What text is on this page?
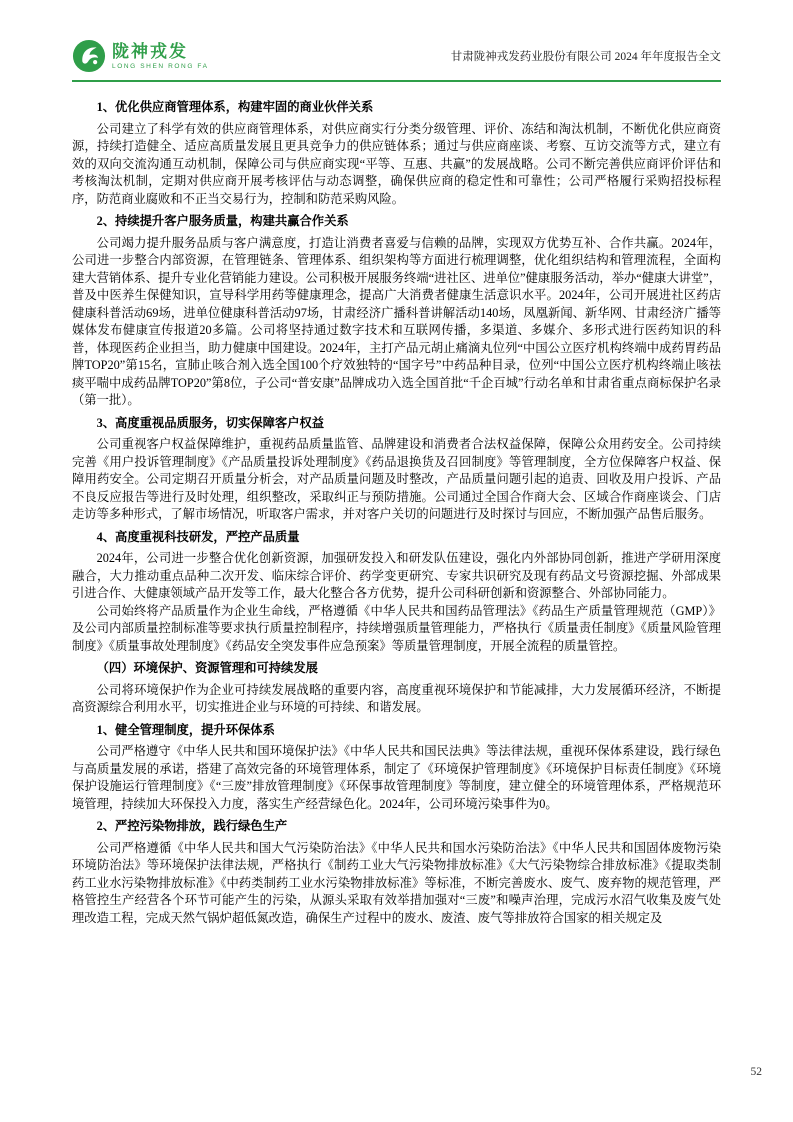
陇神戎发
LONG SHEN RONG FA
甘肃陇神戎发药业股份有限公司 2024 年年度报告全文
1、优化供应商管理体系，构建牢固的商业伙伴关系

公司建立了科学有效的供应商管理体系，对供应商实行分类分级管理、评价、冻结和淘汰机制，不断优化供应商资源，持续打造健全、适应高质量发展且更具竞争力的供应链体系；通过与供应商座谈、考察、互访交流等方式，建立有效的双向交流沟通互动机制，保障公司与供应商实现“平等、互惠、共赢”的发展战略。公司不断完善供应商评价评估和考核淘汰机制，定期对供应商开展考核评估与动态调整，确保供应商的稳定性和可靠性；公司严格履行采购招投标程序，防范商业腐败和不正当交易行为，控制和防范采购风险。

2、持续提升客户服务质量，构建共赢合作关系

公司竭力提升服务品质与客户满意度，打造让消费者喜爱与信赖的品牌，实现双方优势互补、合作共赢。2024年，公司进一步整合内部资源，在管理链条、管理体系、组织架构等方面进行梳理调整，优化组织结构和管理流程，全面构建大营销体系、提升专业化营销能力建设。公司积极开展服务终端“进社区、进单位”健康服务活动，举办“健康大讲堂”，普及中医养生保健知识，宣导科学用药等健康理念，提高广大消费者健康生活意识水平。2024年，公司开展进社区药店健康科普活动69场，进单位健康科普活动97场，甘肃经济广播科普讲解活动140场，凤凰新闻、新华网、甘肃经济广播等媒体发布健康宣传报道20多篇。公司将坚持通过数字技术和互联网传播，多渠道、多媒介、多形式进行医药知识的科普，体现医药企业担当，助力健康中国建设。2024年，主打产品元胡止痛滴丸位列“中国公立医疗机构终端中成药胃药品牌TOP20”第15名，宣肺止咳合剂入选全国100个疗效独特的“国字号”中药品种目录，位列“中国公立医疗机构终端止咳祛痰平喘中成药品牌TOP20”第8位，子公司“普安康”品牌成功入选全国首批“千企百城”行动名单和甘肃省重点商标保护名录（第一批）。

3、高度重视品质服务，切实保障客户权益

公司重视客户权益保障维护，重视药品质量监管、品牌建设和消费者合法权益保障，保障公众用药安全。公司持续完善《用户投诉管理制度》《产品质量投诉处理制度》《药品退换货及召回制度》等管理制度，全方位保障客户权益、保障用药安全。公司定期召开质量分析会，对产品质量问题及时整改，产品质量问题引起的追责、回收及用户投诉、产品不良反应报告等进行及时处理，组织整改，采取纠正与预防措施。公司通过全国合作商大会、区域合作商座谈会、门店走访等多种形式，了解市场情况，听取客户需求，并对客户关切的问题进行及时探讨与回应，不断加强产品售后服务。

4、高度重视科技研发，严控产品质量

2024年，公司进一步整合优化创新资源，加强研发投入和研发队伍建设，强化内外部协同创新，推进产学研用深度融合，大力推动重点品种二次开发、临床综合评价、药学变更研究、专家共识研究及现有药品文号资源挖掘、外部成果引进合作、大健康领域产品开发等工作，最大化整合各方优势，提升公司科研创新和资源整合、外部协同能力。

公司始终将产品质量作为企业生命线，严格遵循《中华人民共和国药品管理法》《药品生产质量管理规范（GMP）》及公司内部质量控制标准等要求执行质量控制程序，持续增强质量管理能力，严格执行《质量责任制度》《质量风险管理制度》《质量事故处理制度》《药品安全突发事件应急预案》等质量管理制度，开展全流程的质量管控。

（四）环境保护、资源管理和可持续发展

公司将环境保护作为企业可持续发展战略的重要内容，高度重视环境保护和节能减排，大力发展循环经济，不断提高资源综合利用水平，切实推进企业与环境的可持续、和谐发展。

1、健全管理制度，提升环保体系

公司严格遵守《中华人民共和国环境保护法》《中华人民共和国民法典》等法律法规，重视环保体系建设，践行绿色与高质量发展的承诺，搭建了高效完备的环境管理体系，制定了《环境保护管理制度》《环境保护目标责任制度》《环境保护设施运行管理制度》《“三废”排放管理制度》《环保事故管理制度》等制度，建立健全的环境管理体系，严格规范环境管理，持续加大环保投入力度，落实生产经营绿色化。2024年，公司环境污染事件为0。

2、严控污染物排放，践行绿色生产

公司严格遵循《中华人民共和国大气污染防治法》《中华人民共和国水污染防治法》《中华人民共和国固体废物污染环境防治法》等环境保护法律法规，严格执行《制药工业大气污染物排放标准》《大气污染物综合排放标准》《提取类制药工业水污染物排放标准》《中药类制药工业水污染物排放标准》等标准，不断完善废水、废气、废弃物的规范管理，严格管控生产经营各个环节可能产生的污染，从源头采取有效举措加强对“三废”和噪声治理，完成污水沼气收集及废气处理改造工程，完成天然气锅炉超低氮改造，确保生产过程中的废水、废渣、废气等排放符合国家的相关规定及

52
